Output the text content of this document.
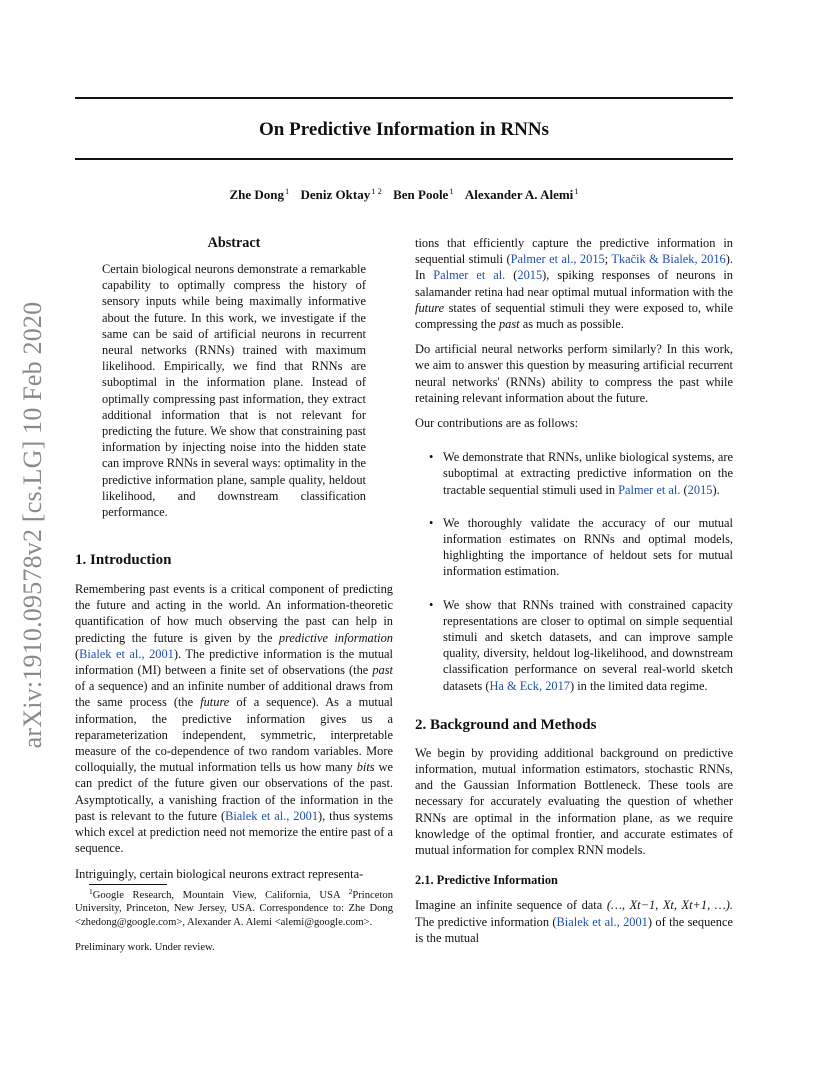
arXiv:1910.09578v2 [cs.LG] 10 Feb 2020
On Predictive Information in RNNs
Zhe Dong$^1$ Deniz Oktay$^{1 2}$ Ben Poole$^1$ Alexander A. Alemi$^1$
Abstract

Certain biological neurons demonstrate a remarkable capability to optimally compress the history of sensory inputs while being maximally informative about the future. In this work, we investigate if the same can be said of artificial neurons in recurrent neural networks (RNNs) trained with maximum likelihood. Empirically, we find that RNNs are suboptimal in the information plane. Instead of optimally compressing past information, they extract additional information that is not relevant for predicting the future. We show that constraining past information by injecting noise into the hidden state can improve RNNs in several ways: optimality in the predictive information plane, sample quality, heldout likelihood, and downstream classification performance.

1. Introduction

Remembering past events is a critical component of predicting the future and acting in the world. An information-theoretic quantification of how much observing the past can help in predicting the future is given by the predictive information (Bialek et al., 2001). The predictive information is the mutual information (MI) between a finite set of observations (the past of a sequence) and an infinite number of additional draws from the same process (the future of a sequence). As a mutual information, the predictive information gives us a reparameterization independent, symmetric, interpretable measure of the co-dependence of two random variables. More colloquially, the mutual information tells us how many bits we can predict of the future given our observations of the past. Asymptotically, a vanishing fraction of the information in the past is relevant to the future (Bialek et al., 2001), thus systems which excel at prediction need not memorize the entire past of a sequence.

Intriguingly, certain biological neurons extract representa-

$^1$Google Research, Mountain View, California, USA $^2$Princeton University, Princeton, New Jersey, USA. Correspondence to: Zhe Dong <zhedong@google.com>, Alexander A. Alemi <alemi@google.com>.

Preliminary work. Under review.

tions that efficiently capture the predictive information in sequential stimuli (Palmer et al., 2015; Tkačik & Bialek, 2016). In Palmer et al. (2015), spiking responses of neurons in salamander retina had near optimal mutual information with the future states of sequential stimuli they were exposed to, while compressing the past as much as possible.

Do artificial neural networks perform similarly? In this work, we aim to answer this question by measuring artificial recurrent neural networks' (RNNs) ability to compress the past while retaining relevant information about the future.

Our contributions are as follows:

• We demonstrate that RNNs, unlike biological systems, are suboptimal at extracting predictive information on the tractable sequential stimuli used in Palmer et al. (2015).
• We thoroughly validate the accuracy of our mutual information estimates on RNNs and optimal models, highlighting the importance of heldout sets for mutual information estimation.
• We show that RNNs trained with constrained capacity representations are closer to optimal on simple sequential stimuli and sketch datasets, and can improve sample quality, diversity, heldout log-likelihood, and downstream classification performance on several real-world sketch datasets (Ha & Eck, 2017) in the limited data regime.
2. Background and Methods

We begin by providing additional background on predictive information, mutual information estimators, stochastic RNNs, and the Gaussian Information Bottleneck. These tools are necessary for accurately evaluating the question of whether RNNs are optimal in the information plane, as we require knowledge of the optimal frontier, and accurate estimates of mutual information for complex RNN models.

2.1. Predictive Information

Imagine an infinite sequence of data (…, Xt−1, Xt, Xt+1, …). The predictive information (Bialek et al., 2001) of the sequence is the mutual
